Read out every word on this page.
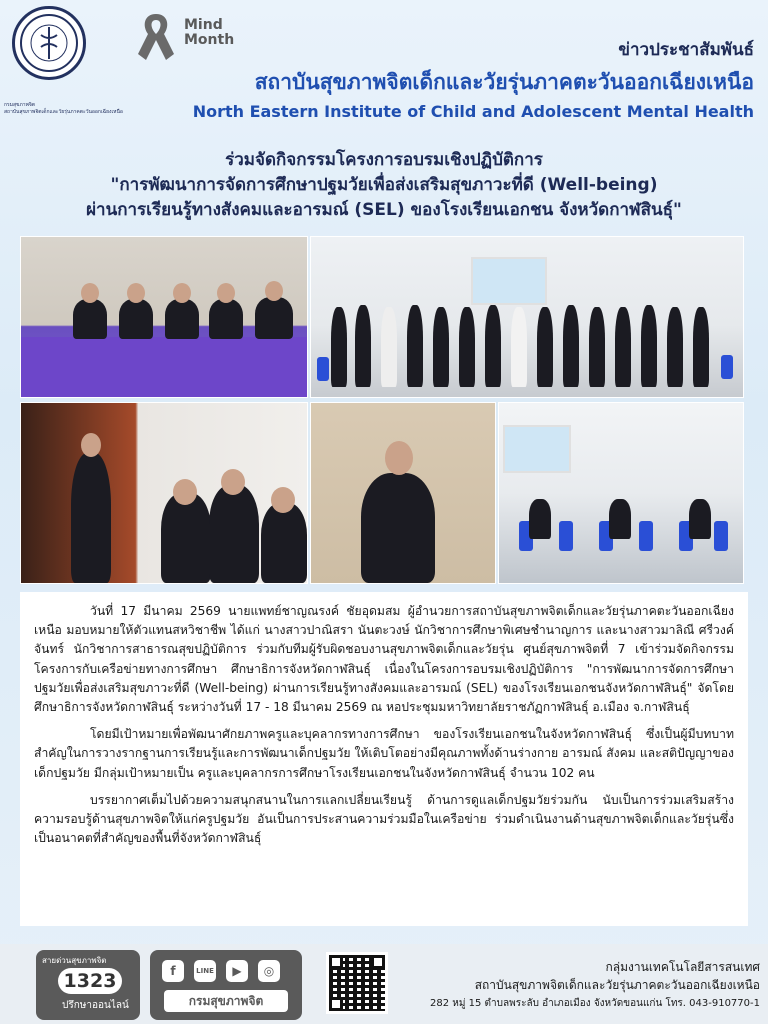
กรมสุขภาพจิต
สถาบันสุขภาพจิตเด็กและวัยรุ่นภาคตะวันออกเฉียงเหนือ
Mind
Month
ข่าวประชาสัมพันธ์
สถาบันสุขภาพจิตเด็กและวัยรุ่นภาคตะวันออกเฉียงเหนือ
North Eastern Institute of Child and Adolescent Mental Health
ร่วมจัดกิจกรรมโครงการอบรมเชิงปฏิบัติการ
"การพัฒนาการจัดการศึกษาปฐมวัยเพื่อส่งเสริมสุขภาวะที่ดี (Well-being)
ผ่านการเรียนรู้ทางสังคมและอารมณ์ (SEL) ของโรงเรียนเอกชน จังหวัดกาฬสินธุ์"

วันที่ 17 มีนาคม 2569 นายแพทย์ชาญณรงค์ ชัยอุดมสม ผู้อำนวยการสถาบันสุขภาพจิตเด็กและวัยรุ่นภาคตะวันออกเฉียงเหนือ มอบหมายให้ตัวแทนสหวิชาชีพ ได้แก่ นางสาวปาณิสรา นันตะวงษ์ นักวิชาการศึกษาพิเศษชำนาญการ และนางสาวมาลิณี ศรีวงค์จันทร์ นักวิชาการสาธารณสุขปฏิบัติการ ร่วมกับทีมผู้รับผิดชอบงานสุขภาพจิตเด็กและวัยรุ่น ศูนย์สุขภาพจิตที่ 7 เข้าร่วมจัดกิจกรรมโครงการกับเครือข่ายทางการศึกษา ศึกษาธิการจังหวัดกาฬสินธุ์ เนื่องในโครงการอบรมเชิงปฏิบัติการ "การพัฒนาการจัดการศึกษาปฐมวัยเพื่อส่งเสริมสุขภาวะที่ดี (Well-being) ผ่านการเรียนรู้ทางสังคมและอารมณ์ (SEL) ของโรงเรียนเอกชนจังหวัดกาฬสินธุ์" จัดโดย ศึกษาธิการจังหวัดกาฬสินธุ์ ระหว่างวันที่ 17 - 18 มีนาคม 2569 ณ หอประชุมมหาวิทยาลัยราชภัฏกาฬสินธุ์ อ.เมือง จ.กาฬสินธุ์

โดยมีเป้าหมายเพื่อพัฒนาศักยภาพครูและบุคลากรทางการศึกษา ของโรงเรียนเอกชนในจังหวัดกาฬสินธุ์ ซึ่งเป็นผู้มีบทบาทสำคัญในการวางรากฐานการเรียนรู้และการพัฒนาเด็กปฐมวัย ให้เติบโตอย่างมีคุณภาพทั้งด้านร่างกาย อารมณ์ สังคม และสติปัญญาของเด็กปฐมวัย มีกลุ่มเป้าหมายเป็น ครูและบุคลากรการศึกษาโรงเรียนเอกชนในจังหวัดกาฬสินธุ์ จำนวน 102 คน

บรรยากาศเต็มไปด้วยความสนุกสนานในการแลกเปลี่ยนเรียนรู้ ด้านการดูแลเด็กปฐมวัยร่วมกัน นับเป็นการร่วมเสริมสร้างความรอบรู้ด้านสุขภาพจิตให้แก่ครูปฐมวัย อันเป็นการประสานความร่วมมือในเครือข่าย ร่วมดำเนินงานด้านสุขภาพจิตเด็กและวัยรุ่นซึ่งเป็นอนาคตที่สำคัญของพื้นที่จังหวัดกาฬสินธุ์

สายด่วนสุขภาพจิต
1323
ปรึกษาออนไลน์
f	LINE	▶	◎
กรมสุขภาพจิต
กลุ่มงานเทคโนโลยีสารสนเทศ
สถาบันสุขภาพจิตเด็กและวัยรุ่นภาคตะวันออกเฉียงเหนือ
282 หมู่ 15 ตำบลพระลับ อำเภอเมือง จังหวัดขอนแก่น โทร. 043-910770-1
